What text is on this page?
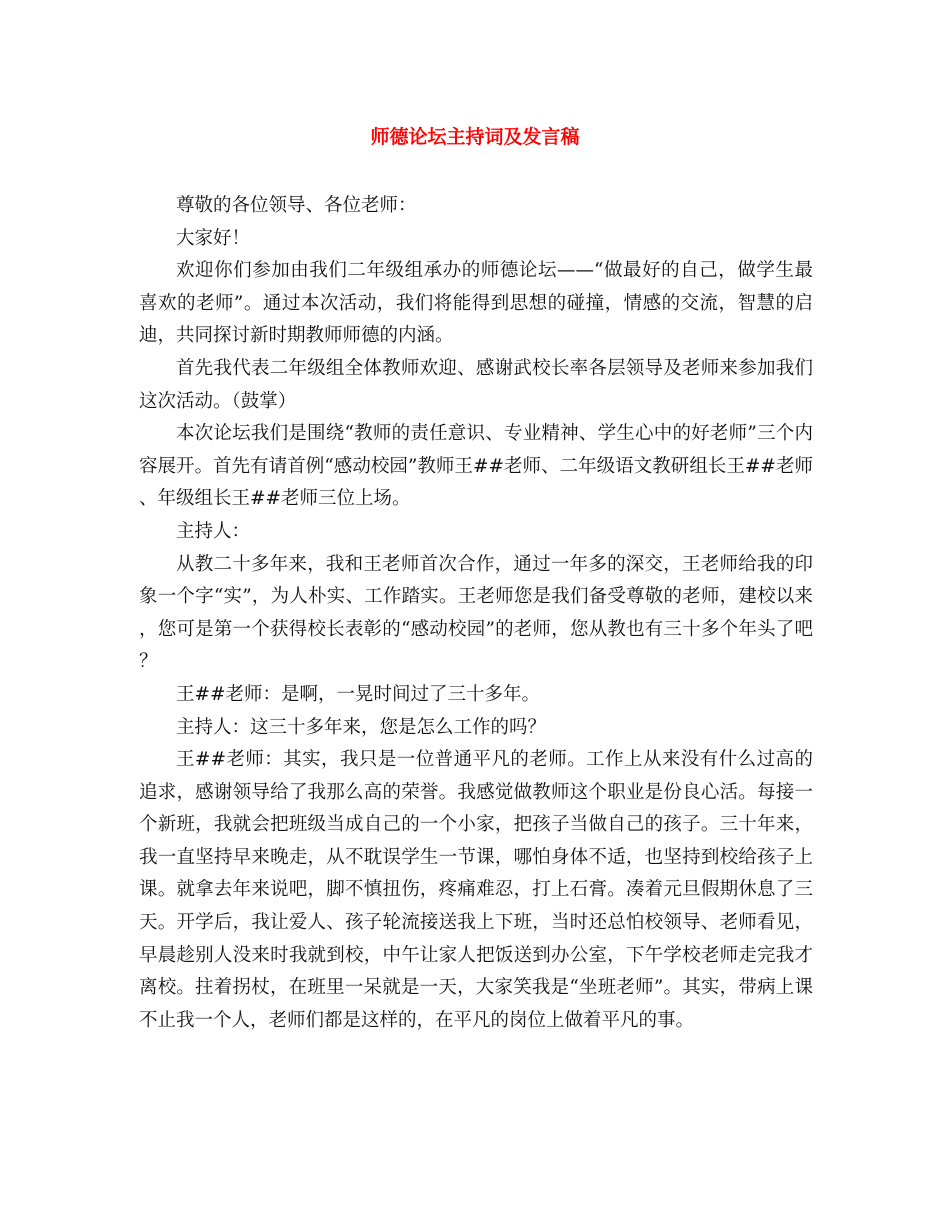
师德论坛主持词及发言稿

尊敬的各位领导、各位老师：

大家好！

欢迎你们参加由我们二年级组承办的师德论坛——“做最好的自己，做学生最喜欢的老师”。通过本次活动，我们将能得到思想的碰撞，情感的交流，智慧的启迪，共同探讨新时期教师师德的内涵。

首先我代表二年级组全体教师欢迎、感谢武校长率各层领导及老师来参加我们这次活动。（鼓掌）

本次论坛我们是围绕“教师的责任意识、专业精神、学生心中的好老师”三个内容展开。首先有请首例“感动校园”教师王##老师、二年级语文教研组长王##老师、年级组长王##老师三位上场。

主持人：

从教二十多年来，我和王老师首次合作，通过一年多的深交，王老师给我的印象一个字“实”，为人朴实、工作踏实。王老师您是我们备受尊敬的老师，建校以来，您可是第一个获得校长表彰的“感动校园”的老师，您从教也有三十多个年头了吧？

王##老师：是啊，一晃时间过了三十多年。

主持人：这三十多年来，您是怎么工作的吗？

王##老师：其实，我只是一位普通平凡的老师。工作上从来没有什么过高的追求，感谢领导给了我那么高的荣誉。我感觉做教师这个职业是份良心活。每接一个新班，我就会把班级当成自己的一个小家，把孩子当做自己的孩子。三十年来，我一直坚持早来晚走，从不耽误学生一节课，哪怕身体不适，也坚持到校给孩子上课。就拿去年来说吧，脚不慎扭伤，疼痛难忍，打上石膏。凑着元旦假期休息了三天。开学后，我让爱人、孩子轮流接送我上下班，当时还总怕校领导、老师看见，早晨趁别人没来时我就到校，中午让家人把饭送到办公室，下午学校老师走完我才离校。拄着拐杖，在班里一呆就是一天，大家笑我是“坐班老师”。其实，带病上课不止我一个人，老师们都是这样的，在平凡的岗位上做着平凡的事。
